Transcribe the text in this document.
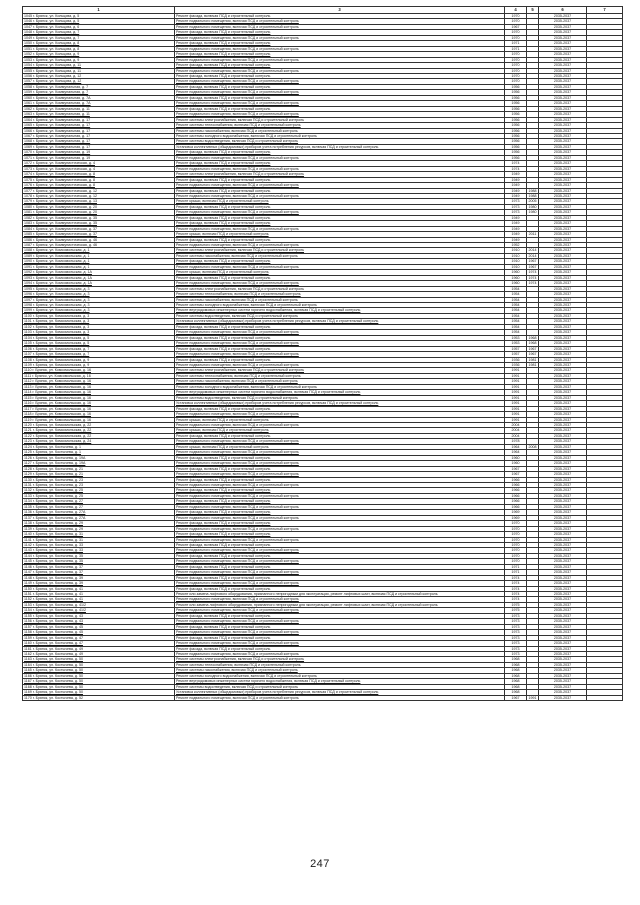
1	3	4	5	6	7
1045 г. Брянск, ул. Кольцова, д. 5	Ремонт фасада, включая ПСД и строительный контроль	1970		2035-2037	
1046 г. Брянск, ул. Кольцова, д. 5	Ремонт подвального помещения, включая ПСД и строительный контроль	1970		2035-2037	
1047 г. Брянск, ул. Кольцова, д. 6	Ремонт подвального помещения, включая ПСД и строительный контроль	1967		2035-2037	
1048 г. Брянск, ул. Кольцова, д. 7	Ремонт фасада, включая ПСД и строительный контроль	1970		2035-2037	
1049 г. Брянск, ул. Кольцова, д. 7	Ремонт подвального помещения, включая ПСД и строительный контроль	1970		2035-2037	
1050 г. Брянск, ул. Кольцова, д. 8	Ремонт фасада, включая ПСД и строительный контроль	1971		2035-2037	
1051 г. Брянск, ул. Кольцова, д. 8	Ремонт подвального помещения, включая ПСД и строительный контроль	1971		2035-2037	
1052 г. Брянск, ул. Кольцова, д. 9	Ремонт фасада, включая ПСД и строительный контроль	1970		2035-2037	
1053 г. Брянск, ул. Кольцова, д. 9	Ремонт подвального помещения, включая ПСД и строительный контроль	1970		2035-2037	
1054 г. Брянск, ул. Кольцова, д. 11	Ремонт фасада, включая ПСД и строительный контроль	1970		2035-2037	
1055 г. Брянск, ул. Кольцова, д. 11	Ремонт подвального помещения, включая ПСД и строительный контроль	1970		2035-2037	
1056 г. Брянск, ул. Кольцова, д. 12	Ремонт фасада, включая ПСД и строительный контроль	1970		2035-2037	
1057 г. Брянск, ул. Кольцова, д. 12	Ремонт подвального помещения, включая ПСД и строительный контроль	1970		2035-2037	
1058 г. Брянск, ул. Коммунальная, д. 7	Ремонт фасада, включая ПСД и строительный контроль	1956		2035-2037	
1059 г. Брянск, ул. Коммунальная, д. 7	Ремонт подвального помещения, включая ПСД и строительный контроль	1956		2035-2037	
1060 г. Брянск, ул. Коммунальная, д. 7А	Ремонт фасада, включая ПСД и строительный контроль	1956		2035-2037	
1061 г. Брянск, ул. Коммунальная, д. 7А	Ремонт подвального помещения, включая ПСД и строительный контроль	1956		2035-2037	
1062 г. Брянск, ул. Коммунальная, д. 11	Ремонт фасада, включая ПСД и строительный контроль	1956		2035-2037	
1063 г. Брянск, ул. Коммунальная, д. 11	Ремонт подвального помещения, включая ПСД и строительный контроль	1956		2035-2037	
1064 г. Брянск, ул. Коммунальная, д. 17	Ремонт системы электроснабжения, включая ПСД и строительный контроль	1956		2035-2037	
1065 г. Брянск, ул. Коммунальная, д. 17	Ремонт системы теплоснабжения, включая ПСД и строительный контроль	1956		2035-2037	
1066 г. Брянск, ул. Коммунальная, д. 17	Ремонт системы газоснабжения, включая ПСД и строительный контроль	1956		2035-2037	
1067 г. Брянск, ул. Коммунальная, д. 17	Ремонт системы холодного водоснабжения, включая ПСД и строительный контроль	1956		2035-2037	
1068 г. Брянск, ул. Коммунальная, д. 17	Ремонт системы водоотведения, включая ПСД и строительный контроль	1956		2035-2037	
1069 г. Брянск, ул. Коммунальная, д. 17	Установка коллективных (общедомовых) приборов учета потребления ресурсов, включая ПСД и строительный контроль	1956		2035-2037	
1070 г. Брянск, ул. Коммунальная, д. 19	Ремонт фасада, включая ПСД и строительный контроль	1956		2035-2037	
1071 г. Брянск, ул. Коммунальная, д. 19	Ремонт подвального помещения, включая ПСД и строительный контроль	1956		2035-2037	
1072 г. Брянск, ул. Коммунистическая, д. 4	Ремонт фасада, включая ПСД и строительный контроль	1974		2035-2037	
1073 г. Брянск, ул. Коммунистическая, д. 4	Ремонт подвального помещения, включая ПСД и строительный контроль	1974		2035-2037	
1074 г. Брянск, ул. Коммунистическая, д. 8	Ремонт системы электроснабжения, включая ПСД и строительный контроль	1949		2035-2037	
1075 г. Брянск, ул. Коммунистическая, д. 8	Ремонт фасада, включая ПСД и строительный контроль	1949		2035-2037	
1076 г. Брянск, ул. Коммунистическая, д. 8	Ремонт подвального помещения, включая ПСД и строительный контроль	1949		2035-2037	
1077 г. Брянск, ул. Коммунистическая, д. 12	Ремонт фасада, включая ПСД и строительный контроль	1949	1988	2035-2037	
1078 г. Брянск, ул. Коммунистическая, д. 12	Ремонт подвального помещения, включая ПСД и строительный контроль	1949	1988	2035-2037	
1079 г. Брянск, ул. Коммунистическая, д. 13	Ремонт крыши, включая ПСД и строительный контроль	1973	2005	2035-2037	
1080 г. Брянск, ул. Коммунистическая, д. 20	Ремонт фасада, включая ПСД и строительный контроль	1973	1980	2035-2037	
1081 г. Брянск, ул. Коммунистическая, д. 20	Ремонт подвального помещения, включая ПСД и строительный контроль	1973	1980	2035-2037	
1082 г. Брянск, ул. Коммунистическая, д. 35	Ремонт фасада, включая ПСД и строительный контроль	1949		2035-2037	
1083 г. Брянск, ул. Коммунистическая, д. 35	Ремонт фасада, включая ПСД и строительный контроль	1949		2035-2037	
1084 г. Брянск, ул. Коммунистическая, д. 37	Ремонт подвального помещения, включая ПСД и строительный контроль	1949		2035-2037	
1085 г. Брянск, ул. Коммунистическая, д. 37	Ремонт крыши, включая ПСД и строительный контроль	1949	2011	2035-2037	
1086 г. Брянск, ул. Коммунистическая, д. 46	Ремонт фасада, включая ПСД и строительный контроль	1949		2035-2037	
1087 г. Брянск, ул. Коммунистическая, д. 46	Ремонт подвального помещения, включая ПСД и строительный контроль	1952		2035-2037	
1088 г. Брянск, ул. Комсомольская, д. 1	Ремонт системы электроснабжения, включая ПСД и строительный контроль	1910	2014	2035-2037	
1089 г. Брянск, ул. Комсомольская, д. 1	Ремонт системы газоснабжения, включая ПСД и строительный контроль	1910	2014	2035-2037	
1090 г. Брянск, ул. Комсомольская, д. 1	Ремонт фасада, включая ПСД и строительный контроль	1910	1967	2035-2037	
1091 г. Брянск, ул. Комсомольская, д. 1	Ремонт подвального помещения, включая ПСД и строительный контроль	1910	1967	2035-2037	
1092 г. Брянск, ул. Комсомольская, д. 1А	Ремонт крыши, включая ПСД и строительный контроль	1960	1974	2035-2037	
1093 г. Брянск, ул. Комсомольская, д. 1А	Ремонт фасада, включая ПСД и строительный контроль	1960	1974	2035-2037	
1094 г. Брянск, ул. Комсомольская, д. 1А	Ремонт подвального помещения, включая ПСД и строительный контроль	1960	1974	2035-2037	
1095 г. Брянск, ул. Комсомольская, д. 3	Ремонт системы электроснабжения, включая ПСД и строительный контроль	1954		2035-2037	
1096 г. Брянск, ул. Комсомольская, д. 3	Ремонт системы теплоснабжения, включая ПСД и строительный контроль	1954		2035-2037	
1097 г. Брянск, ул. Комсомольская, д. 3	Ремонт системы газоснабжения, включая ПСД и строительный контроль	1954		2035-2037	
1098 г. Брянск, ул. Комсомольская, д. 3	Ремонт системы холодного водоснабжения, включая ПСД и строительный контроль	1954		2035-2037	
1099 г. Брянск, ул. Комсомольская, д. 3	Ремонт внутридомовых инженерных систем горячего водоснабжения, включая ПСД и строительный контроль	1954		2035-2037	
1100 г. Брянск, ул. Комсомольская, д. 3	Ремонт системы водоотведения, включая ПСД и строительный контроль	1954		2035-2037	
1101 г. Брянск, ул. Комсомольская, д. 3	Установка коллективных (общедомовых) приборов учета потребления ресурсов, включая ПСД и строительный контроль	1954		2035-2037	
1102 г. Брянск, ул. Комсомольская, д. 3	Ремонт фасада, включая ПСД и строительный контроль	1954		2035-2037	
1103 г. Брянск, ул. Комсомольская, д. 3	Ремонт подвального помещения, включая ПСД и строительный контроль	1954		2035-2037	
1104 г. Брянск, ул. Комсомольская, д. 5	Ремонт фасада, включая ПСД и строительный контроль	1953	1968	2035-2037	
1105 г. Брянск, ул. Комсомольская, д. 5	Ремонт подвального помещения, включая ПСД и строительный контроль	1953	1968	2035-2037	
1106 г. Брянск, ул. Комсомольская, д. 7	Ремонт фасада, включая ПСД и строительный контроль	1957	1967	2035-2037	
1107 г. Брянск, ул. Комсомольская, д. 7	Ремонт подвального помещения, включая ПСД и строительный контроль	1957	1967	2035-2037	
1108 г. Брянск, ул. Комсомольская, д. 9	Ремонт фасада, включая ПСД и строительный контроль	1936	1981	2035-2037	
1109 г. Брянск, ул. Комсомольская, д. 9	Ремонт подвального помещения, включая ПСД и строительный контроль	1936	1981	2035-2037	
1110 г. Брянск, ул. Комсомольская, д. 16	Ремонт системы электроснабжения, включая ПСД и строительный контроль	1991		2035-2037	
1111 г. Брянск, ул. Комсомольская, д. 16	Ремонт системы теплоснабжения, включая ПСД и строительный контроль	1991		2035-2037	
1112 г. Брянск, ул. Комсомольская, д. 16	Ремонт системы газоснабжения, включая ПСД и строительный контроль	1991		2035-2037	
1113 г. Брянск, ул. Комсомольская, д. 16	Ремонт системы холодного водоснабжения, включая ПСД и строительный контроль	1991		2035-2037	
1114 г. Брянск, ул. Комсомольская, д. 16	Ремонт внутридомовых инженерных систем горячего водоснабжения, включая ПСД и строительный контроль	1991		2035-2037	
1115 г. Брянск, ул. Комсомольская, д. 16	Ремонт системы водоотведения, включая ПСД и строительный контроль	1991		2035-2037	
1116 г. Брянск, ул. Комсомольская, д. 16	Установка коллективных (общедомовых) приборов учета потребления ресурсов, включая ПСД и строительный контроль	1991		2035-2037	
1117 г. Брянск, ул. Комсомольская, д. 16	Ремонт фасада, включая ПСД и строительный контроль	1991		2035-2037	
1118 г. Брянск, ул. Комсомольская, д. 16	Ремонт подвального помещения, включая ПСД и строительный контроль	1991		2035-2037	
1119 г. Брянск, ул. Комсомольская, д. 16	Ремонт крыши, включая ПСД и строительный контроль	1991		2035-2037	
1120 г. Брянск, ул. Комсомольская, д. 22	Ремонт подвального помещения, включая ПСД и строительный контроль	2004		2035-2037	
1121 г. Брянск, ул. Комсомольская, д. 22	Ремонт крыши, включая ПСД и строительный контроль	2004		2035-2037	
1122 г. Брянск, ул. Комсомольская, д. 22	Ремонт фасада, включая ПСД и строительный контроль	2004		2035-2037	
1123 г. Брянск, ул. Комсомольская, д. 24	Ремонт подвального помещения, включая ПСД и строительный контроль	1978		2035-2037	
1124 г. Брянск, ул. Костычева, д. 1	Ремонт крыши, включая ПСД и строительный контроль	1964	2008	2035-2037	
1125 г. Брянск, ул. Костычева, д. 1	Ремонт подвального помещения, включая ПСД и строительный контроль	1964		2035-2037	
1126 г. Брянск, ул. Костычева, д. 19А	Ремонт фасада, включая ПСД и строительный контроль	1960		2035-2037	
1127 г. Брянск, ул. Костычева, д. 19А	Ремонт подвального помещения, включая ПСД и строительный контроль	1960		2035-2037	
1128 г. Брянск, ул. Костычева, д. 21	Ремонт фасада, включая ПСД и строительный контроль	1967		2035-2037	
1129 г. Брянск, ул. Костычева, д. 21	Ремонт подвального помещения, включая ПСД и строительный контроль	1967		2035-2037	
1130 г. Брянск, ул. Костычева, д. 23	Ремонт фасада, включая ПСД и строительный контроль	1966		2035-2037	
1131 г. Брянск, ул. Костычева, д. 23	Ремонт подвального помещения, включая ПСД и строительный контроль	1966		2035-2037	
1132 г. Брянск, ул. Костычева, д. 25	Ремонт фасада, включая ПСД и строительный контроль	1966		2035-2037	
1133 г. Брянск, ул. Костычева, д. 25	Ремонт подвального помещения, включая ПСД и строительный контроль	1966		2035-2037	
1134 г. Брянск, ул. Костычева, д. 27	Ремонт фасада, включая ПСД и строительный контроль	1966		2035-2037	
1135 г. Брянск, ул. Костычева, д. 27	Ремонт подвального помещения, включая ПСД и строительный контроль	1966		2035-2037	
1136 г. Брянск, ул. Костычева, д. 27А	Ремонт фасада, включая ПСД и строительный контроль	1969		2035-2037	
1137 г. Брянск, ул. Костычева, д. 27А	Ремонт подвального помещения, включая ПСД и строительный контроль	1969		2035-2037	
1138 г. Брянск, ул. Костычева, д. 29	Ремонт фасада, включая ПСД и строительный контроль	1970		2035-2037	
1139 г. Брянск, ул. Костычева, д. 29	Ремонт подвального помещения, включая ПСД и строительный контроль	1970		2035-2037	
1140 г. Брянск, ул. Костычева, д. 31	Ремонт фасада, включая ПСД и строительный контроль	1970		2035-2037	
1141 г. Брянск, ул. Костычева, д. 31	Ремонт подвального помещения, включая ПСД и строительный контроль	1970		2035-2037	
1142 г. Брянск, ул. Костычева, д. 33	Ремонт фасада, включая ПСД и строительный контроль	1970		2035-2037	
1143 г. Брянск, ул. Костычева, д. 33	Ремонт подвального помещения, включая ПСД и строительный контроль	1970		2035-2037	
1144 г. Брянск, ул. Костычева, д. 35	Ремонт фасада, включая ПСД и строительный контроль	1970		2035-2037	
1145 г. Брянск, ул. Костычева, д. 35	Ремонт подвального помещения, включая ПСД и строительный контроль	1970		2035-2037	
1146 г. Брянск, ул. Костычева, д. 37	Ремонт фасада, включая ПСД и строительный контроль	1971		2035-2037	
1147 г. Брянск, ул. Костычева, д. 37	Ремонт подвального помещения, включая ПСД и строительный контроль	1971		2035-2037	
1148 г. Брянск, ул. Костычева, д. 39	Ремонт фасада, включая ПСД и строительный контроль	1974		2035-2037	
1149 г. Брянск, ул. Костычева, д. 39	Ремонт подвального помещения, включая ПСД и строительный контроль	1974		2035-2037	
1150 г. Брянск, ул. Костычева, д. 41	Ремонт фасада, включая ПСД и строительный контроль	1974		2035-2037	
1151 г. Брянск, ул. Костычева, д. 41	Ремонт или замена лифтового оборудования, признанного непригодным для эксплуатации, ремонт лифтовых шахт, включая ПСД и строительный контроль	1974		2035-2037	
1152 г. Брянск, ул. Костычева, д. 41	Ремонт подвального помещения, включая ПСД и строительный контроль	1974		2035-2037	
1153 г. Брянск, ул. Костычева, д. 41/2	Ремонт или замена лифтового оборудования, признанного непригодным для эксплуатации, ремонт лифтовых шахт, включая ПСД и строительный контроль	1975		2035-2037	
1154 г. Брянск, ул. Костычева, д. 41/2	Ремонт подвального помещения, включая ПСД и строительный контроль	1975		2035-2037	
1155 г. Брянск, ул. Костычева, д. 43	Ремонт фасада, включая ПСД и строительный контроль	1973		2035-2037	
1156 г. Брянск, ул. Костычева, д. 43	Ремонт подвального помещения, включая ПСД и строительный контроль	1973		2035-2037	
1157 г. Брянск, ул. Костычева, д. 45	Ремонт фасада, включая ПСД и строительный контроль	1973		2035-2037	
1158 г. Брянск, ул. Костычева, д. 45	Ремонт подвального помещения, включая ПСД и строительный контроль	1973		2035-2037	
1159 г. Брянск, ул. Костычева, д. 47	Ремонт фасада, включая ПСД и строительный контроль	1973		2035-2037	
1160 г. Брянск, ул. Костычева, д. 47	Ремонт подвального помещения, включая ПСД и строительный контроль	1973		2035-2037	
1161 г. Брянск, ул. Костычева, д. 49	Ремонт фасада, включая ПСД и строительный контроль	1973		2035-2037	
1162 г. Брянск, ул. Костычева, д. 49	Ремонт подвального помещения, включая ПСД и строительный контроль	1973		2035-2037	
1163 г. Брянск, ул. Костычева, д. 50	Ремонт системы электроснабжения, включая ПСД и строительный контроль	1968		2035-2037	
1164 г. Брянск, ул. Костычева, д. 50	Ремонт системы теплоснабжения, включая ПСД и строительный контроль	1968		2035-2037	
1165 г. Брянск, ул. Костычева, д. 50	Ремонт системы газоснабжения, включая ПСД и строительный контроль	1968		2035-2037	
1166 г. Брянск, ул. Костычева, д. 50	Ремонт системы холодного водоснабжения, включая ПСД и строительный контроль	1968		2035-2037	
1167 г. Брянск, ул. Костычева, д. 50	Ремонт внутридомовых инженерных систем горячего водоснабжения, включая ПСД и строительный контроль	1968		2035-2037	
1168 г. Брянск, ул. Костычева, д. 50	Ремонт системы водоотведения, включая ПСД и строительный контроль	1968		2035-2037	
1169 г. Брянск, ул. Костычева, д. 50	Установка коллективных (общедомовых) приборов учета потребления ресурсов, включая ПСД и строительный контроль	1968		2035-2037	
1170 г. Брянск, ул. Костычева, д. 52	Ремонт подвального помещения, включая ПСД и строительный контроль	1967	1991	2035-2037	
247
